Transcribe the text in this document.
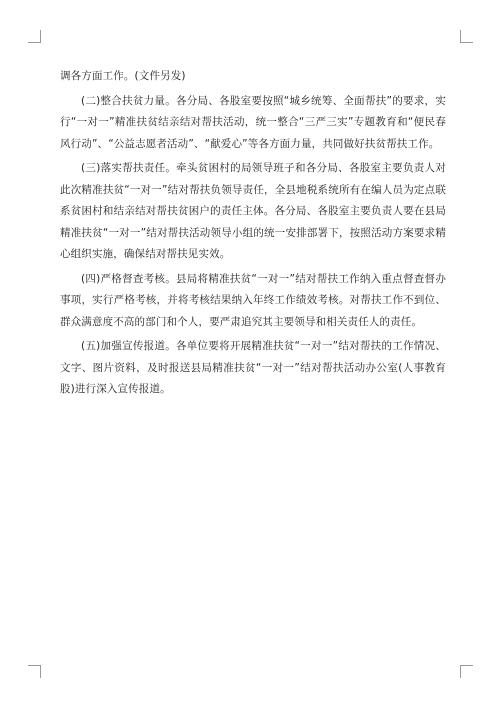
调各方面工作。(文件另发)

(二)整合扶贫力量。各分局、各股室要按照“城乡统筹、全面帮扶”的要求，实行“一对一”精准扶贫结亲结对帮扶活动，统一整合“三严三实”专题教育和“便民春风行动”、“公益志愿者活动”、“献爱心”等各方面力量，共同做好扶贫帮扶工作。

(三)落实帮扶责任。牵头贫困村的局领导班子和各分局、各股室主要负责人对此次精准扶贫“一对一”结对帮扶负领导责任，全县地税系统所有在编人员为定点联系贫困村和结亲结对帮扶贫困户的责任主体。各分局、各股室主要负责人要在县局精准扶贫“一对一”结对帮扶活动领导小组的统一安排部署下，按照活动方案要求精心组织实施，确保结对帮扶见实效。

(四)严格督查考核。县局将精准扶贫“一对一”结对帮扶工作纳入重点督查督办事项，实行严格考核，并将考核结果纳入年终工作绩效考核。对帮扶工作不到位、群众满意度不高的部门和个人，要严肃追究其主要领导和相关责任人的责任。

(五)加强宣传报道。各单位要将开展精准扶贫“一对一”结对帮扶的工作情况、文字、图片资料，及时报送县局精准扶贫“一对一”结对帮扶活动办公室(人事教育股)进行深入宣传报道。
